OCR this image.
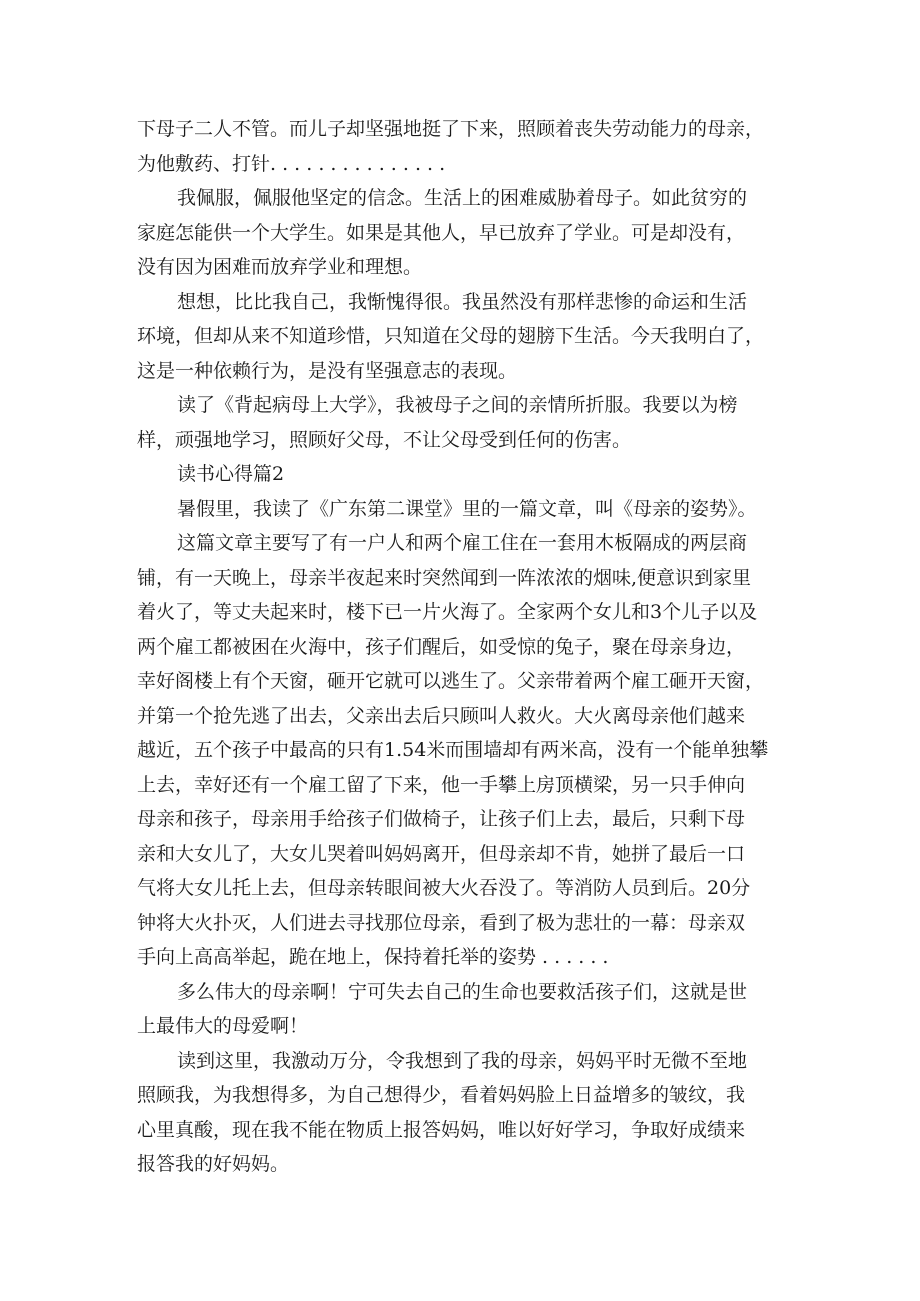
下母子二人不管。而儿子却坚强地挺了下来，照顾着丧失劳动能力的母亲，
为他敷药、打针. . . . . . . . . . . . . . .
我佩服，佩服他坚定的信念。生活上的困难威胁着母子。如此贫穷的
家庭怎能供一个大学生。如果是其他人，早已放弃了学业。可是却没有，
没有因为困难而放弃学业和理想。
想想，比比我自己，我惭愧得很。我虽然没有那样悲惨的命运和生活
环境，但却从来不知道珍惜，只知道在父母的翅膀下生活。今天我明白了，
这是一种依赖行为，是没有坚强意志的表现。
读了《背起病母上大学》，我被母子之间的亲情所折服。我要以为榜
样，顽强地学习，照顾好父母，不让父母受到任何的伤害。
读书心得篇2
暑假里，我读了《广东第二课堂》里的一篇文章，叫《母亲的姿势》。
这篇文章主要写了有一户人和两个雇工住在一套用木板隔成的两层商
铺，有一天晚上，母亲半夜起来时突然闻到一阵浓浓的烟味,便意识到家里
着火了，等丈夫起来时，楼下已一片火海了。全家两个女儿和3个儿子以及
两个雇工都被困在火海中，孩子们醒后，如受惊的兔子，聚在母亲身边，
幸好阁楼上有个天窗，砸开它就可以逃生了。父亲带着两个雇工砸开天窗，
并第一个抢先逃了出去，父亲出去后只顾叫人救火。大火离母亲他们越来
越近，五个孩子中最高的只有1.54米而围墙却有两米高，没有一个能单独攀
上去，幸好还有一个雇工留了下来，他一手攀上房顶横梁，另一只手伸向
母亲和孩子，母亲用手给孩子们做椅子，让孩子们上去，最后，只剩下母
亲和大女儿了，大女儿哭着叫妈妈离开，但母亲却不肯，她拼了最后一口
气将大女儿托上去，但母亲转眼间被大火吞没了。等消防人员到后。20分
钟将大火扑灭，人们进去寻找那位母亲，看到了极为悲壮的一幕：母亲双
手向上高高举起，跪在地上，保持着托举的姿势 . . . . . .
多么伟大的母亲啊！宁可失去自己的生命也要救活孩子们，这就是世
上最伟大的母爱啊！
读到这里，我激动万分，令我想到了我的母亲，妈妈平时无微不至地
照顾我，为我想得多，为自己想得少，看着妈妈脸上日益增多的皱纹，我
心里真酸，现在我不能在物质上报答妈妈，唯以好好学习，争取好成绩来
报答我的好妈妈。
